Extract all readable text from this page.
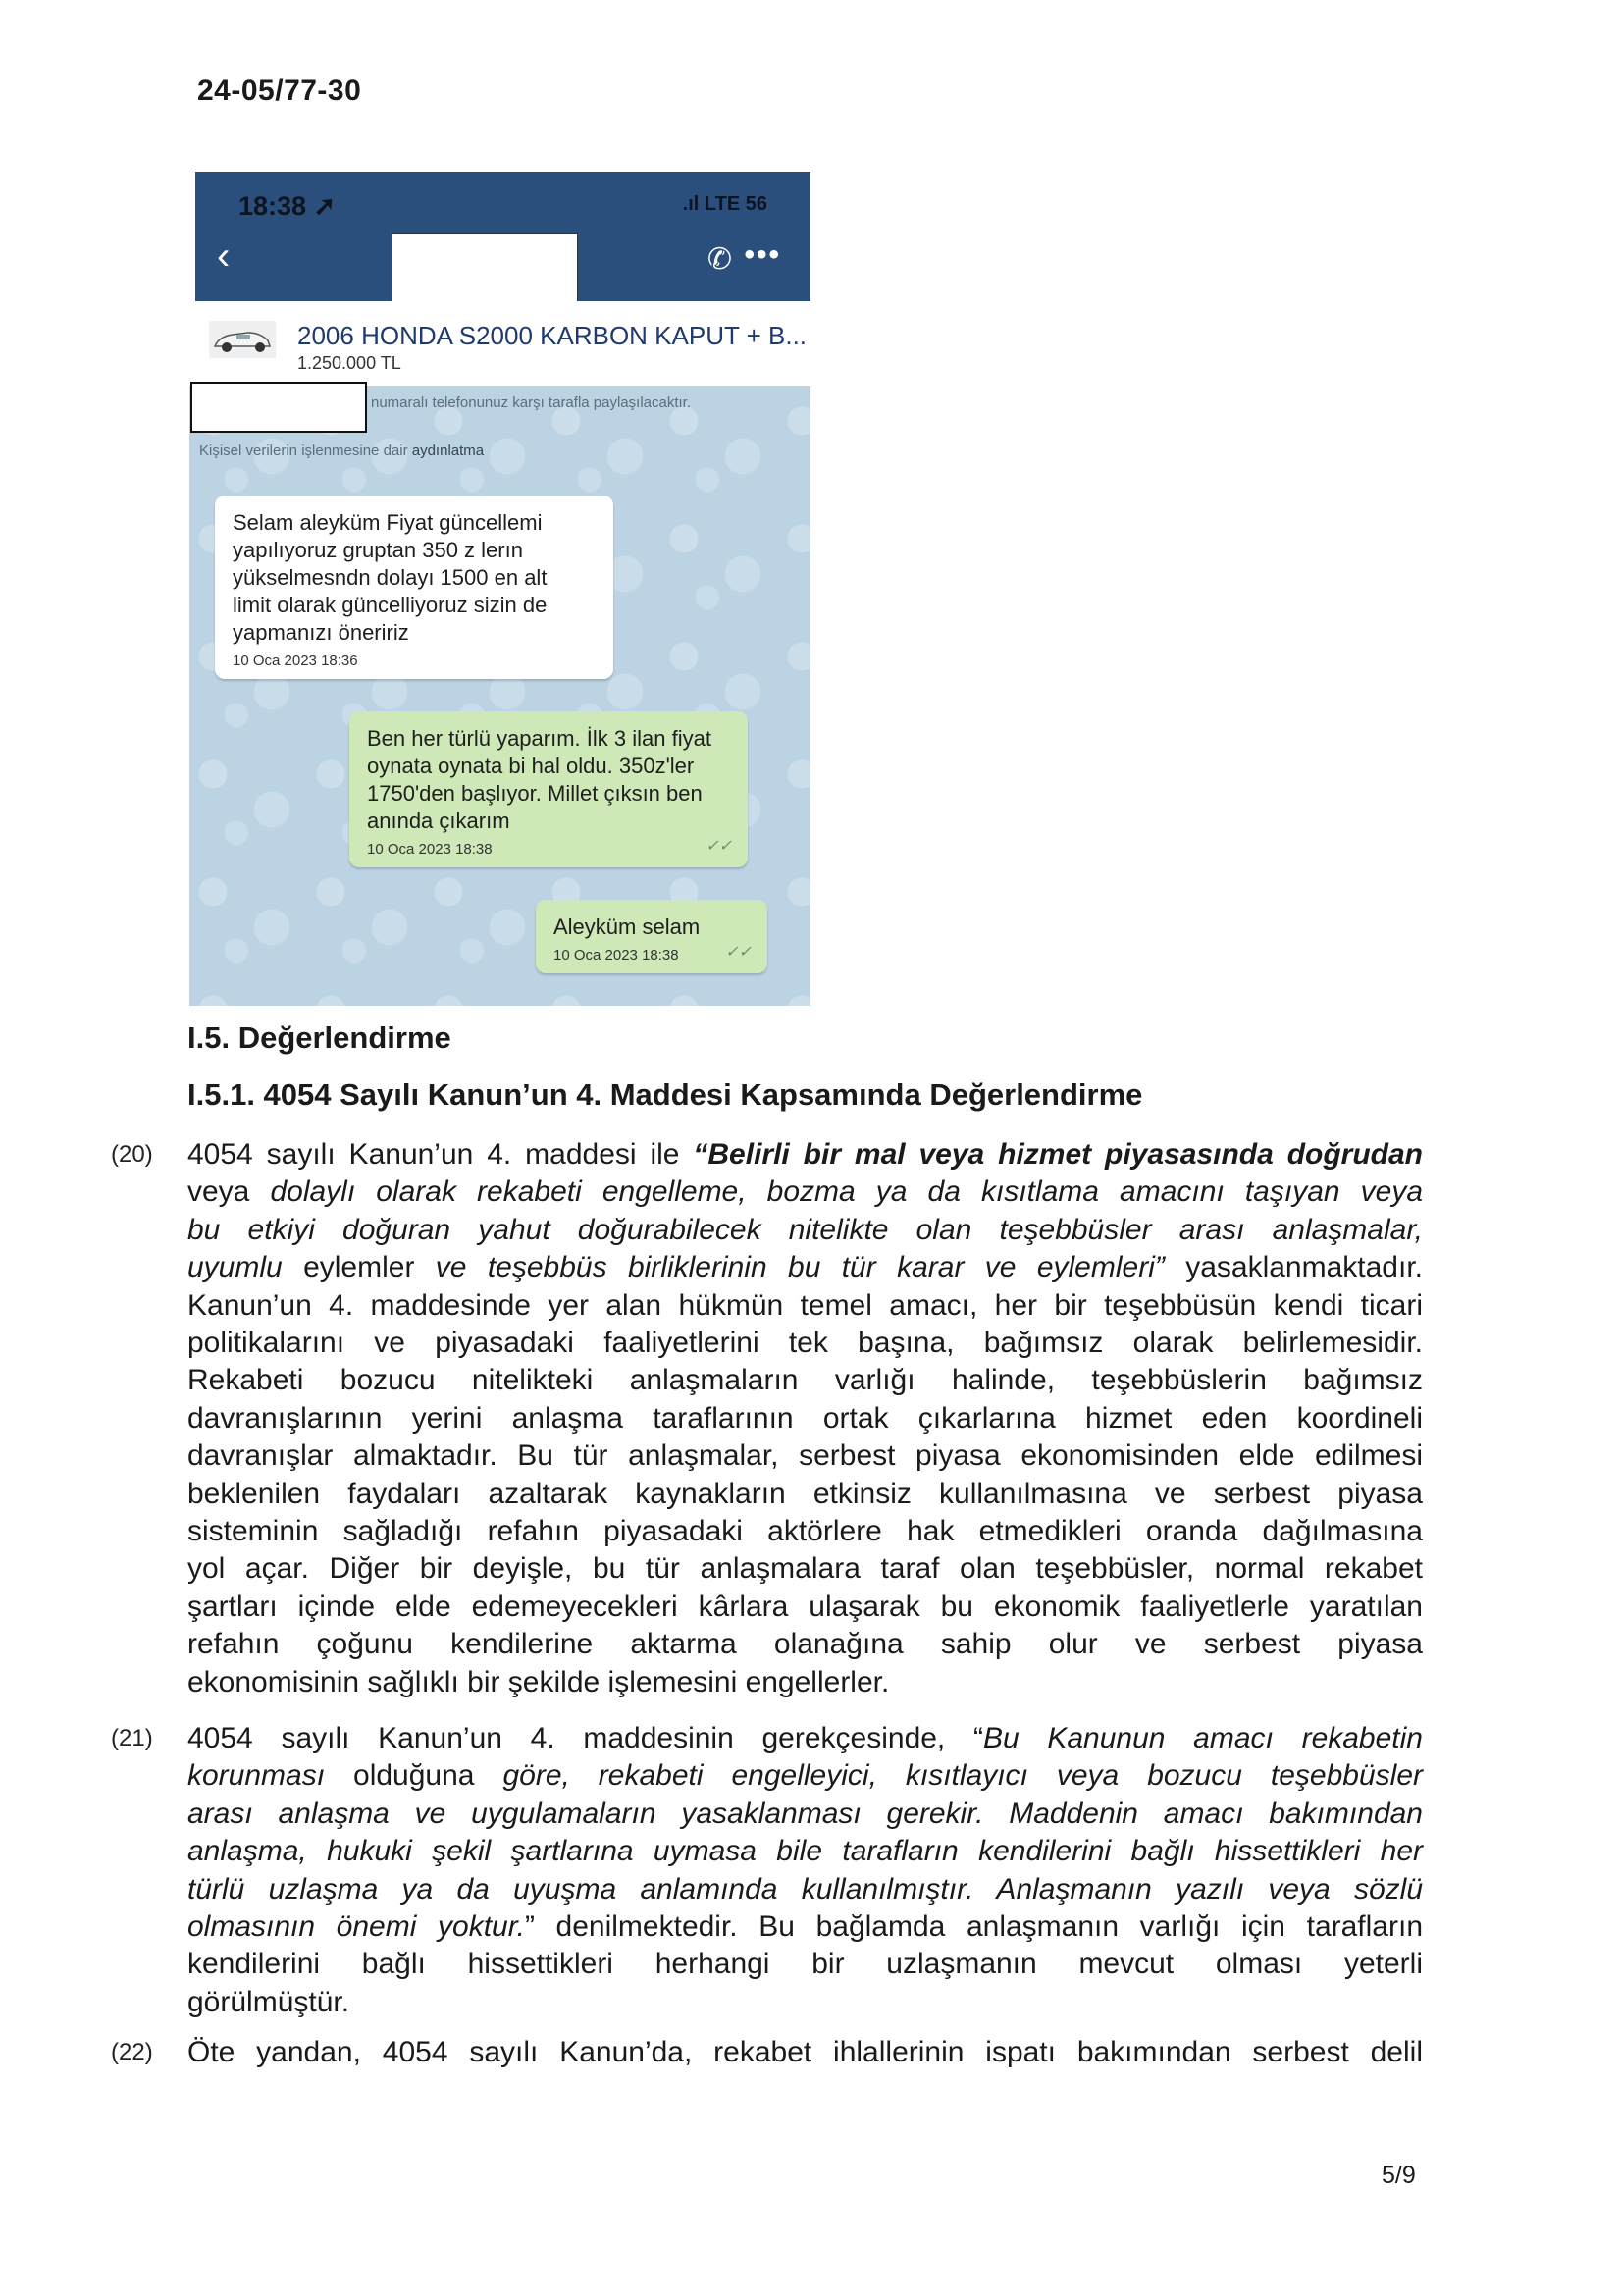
24-05/77-30
18:38 ➚	.ıl LTE 56
‹	✆ •••
2006 HONDA S2000 KARBON KAPUT + B...
1.250.000 TL
numaralı telefonunuz karşı tarafla paylaşılacaktır.
Kişisel verilerin işlenmesine dair aydınlatma
Selam aleyküm Fiyat güncellemi
yapılıyoruz gruptan 350 z lerın
yükselmesndn dolayı 1500 en alt
limit olarak güncelliyoruz sizin de
yapmanızı öneririz
10 Oca 2023 18:36
Ben her türlü yaparım. İlk 3 ilan fiyat
oynata oynata bi hal oldu. 350z'ler
1750'den başlıyor. Millet çıksın ben
anında çıkarım
10 Oca 2023 18:38	✓✓
Aleyküm selam
10 Oca 2023 18:38	✓✓
I.5. Değerlendirme
I.5.1. 4054 Sayılı Kanun’un 4. Maddesi Kapsamında Değerlendirme
(20) 4054 sayılı Kanun’un 4. maddesi ile “Belirli bir mal veya hizmet piyasasında doğrudan
veya dolaylı olarak rekabeti engelleme, bozma ya da kısıtlama amacını taşıyan veya
bu etkiyi doğuran yahut doğurabilecek nitelikte olan teşebbüsler arası anlaşmalar,
uyumlu eylemler ve teşebbüs birliklerinin bu tür karar ve eylemleri” yasaklanmaktadır.
Kanun’un 4. maddesinde yer alan hükmün temel amacı, her bir teşebbüsün kendi ticari
politikalarını ve piyasadaki faaliyetlerini tek başına, bağımsız olarak belirlemesidir.
Rekabeti bozucu nitelikteki anlaşmaların varlığı halinde, teşebbüslerin bağımsız
davranışlarının yerini anlaşma taraflarının ortak çıkarlarına hizmet eden koordineli
davranışlar almaktadır. Bu tür anlaşmalar, serbest piyasa ekonomisinden elde edilmesi
beklenilen faydaları azaltarak kaynakların etkinsiz kullanılmasına ve serbest piyasa
sisteminin sağladığı refahın piyasadaki aktörlere hak etmedikleri oranda dağılmasına
yol açar. Diğer bir deyişle, bu tür anlaşmalara taraf olan teşebbüsler, normal rekabet
şartları içinde elde edemeyecekleri kârlara ulaşarak bu ekonomik faaliyetlerle yaratılan
refahın çoğunu kendilerine aktarma olanağına sahip olur ve serbest piyasa
ekonomisinin sağlıklı bir şekilde işlemesini engellerler.
(21) 4054 sayılı Kanun’un 4. maddesinin gerekçesinde, “Bu Kanunun amacı rekabetin
korunması olduğuna göre, rekabeti engelleyici, kısıtlayıcı veya bozucu teşebbüsler
arası anlaşma ve uygulamaların yasaklanması gerekir. Maddenin amacı bakımından
anlaşma, hukuki şekil şartlarına uymasa bile tarafların kendilerini bağlı hissettikleri her
türlü uzlaşma ya da uyuşma anlamında kullanılmıştır. Anlaşmanın yazılı veya sözlü
olmasının önemi yoktur.” denilmektedir. Bu bağlamda anlaşmanın varlığı için tarafların
kendilerini bağlı hissettikleri herhangi bir uzlaşmanın mevcut olması yeterli
görülmüştür.
(22) Öte yandan, 4054 sayılı Kanun’da, rekabet ihlallerinin ispatı bakımından serbest delil
5/9
